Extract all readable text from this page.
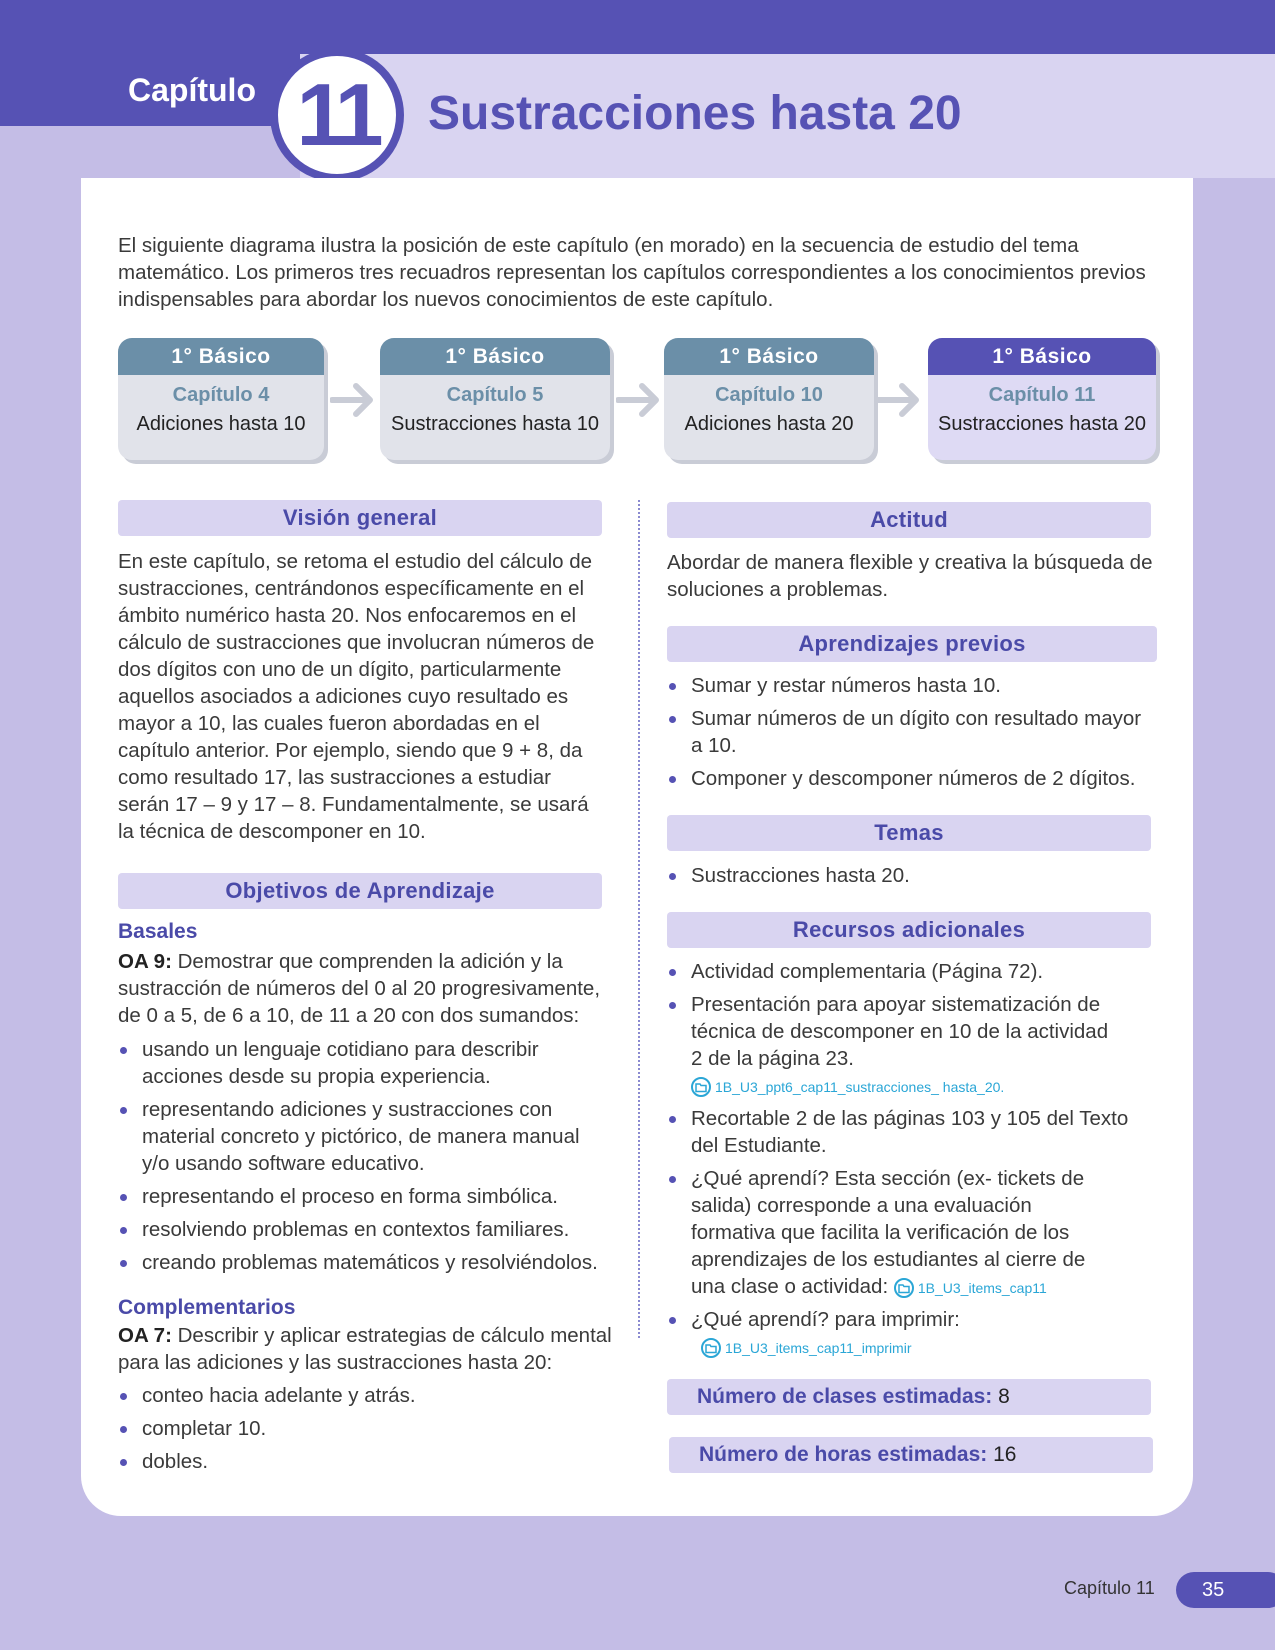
Capítulo 11	Sustracciones hasta 20

El siguiente diagrama ilustra la posición de este capítulo (en morado) en la secuencia de estudio del tema matemático. Los primeros tres recuadros representan los capítulos correspondientes a los conocimientos previos indispensables para abordar los nuevos conocimientos de este capítulo.

1° Básico
Capítulo 4
Adiciones hasta 10
1° Básico
Capítulo 5
Sustracciones hasta 10
1° Básico
Capítulo 10
Adiciones hasta 20
1° Básico
Capítulo 11
Sustracciones hasta 20
Visión general

En este capítulo, se retoma el estudio del cálculo de sustracciones, centrándonos específicamente en el ámbito numérico hasta 20. Nos enfocaremos en el cálculo de sustracciones que involucran números de dos dígitos con uno de un dígito, particularmente aquellos asociados a adiciones cuyo resultado es mayor a 10, las cuales fueron abordadas en el capítulo anterior. Por ejemplo, siendo que 9 + 8, da como resultado 17, las sustracciones a estudiar serán 17 – 9 y 17 – 8. Fundamentalmente, se usará la técnica de descomponer en 10.

Objetivos de Aprendizaje
Basales

OA 9: Demostrar que comprenden la adición y la sustracción de números del 0 al 20 progresivamente, de 0 a 5, de 6 a 10, de 11 a 20 con dos sumandos:

usando un lenguaje cotidiano para describir acciones desde su propia experiencia.
representando adiciones y sustracciones con material concreto y pictórico, de manera manual y/o usando software educativo.
representando el proceso en forma simbólica.
resolviendo problemas en contextos familiares.
creando problemas matemáticos y resolviéndolos.
Complementarios

OA 7: Describir y aplicar estrategias de cálculo mental para las adiciones y las sustracciones hasta 20:

conteo hacia adelante y atrás.
completar 10.
dobles.
Actitud

Abordar de manera flexible y creativa la búsqueda de soluciones a problemas.

Aprendizajes previos
Sumar y restar números hasta 10.
Sumar números de un dígito con resultado mayor a 10.
Componer y descomponer números de 2 dígitos.
Temas
Sustracciones hasta 20.
Recursos adicionales
Actividad complementaria (Página 72).
Presentación para apoyar sistematización de técnica de descomponer en 10 de la actividad 2 de la página 23.
1B_U3_ppt6_cap11_sustracciones_ hasta_20.
Recortable 2 de las páginas 103 y 105 del Texto del Estudiante.
¿Qué aprendí? Esta sección (ex- tickets de salida) corresponde a una evaluación formativa que facilita la verificación de los aprendizajes de los estudiantes al cierre de una clase o actividad: 1B_U3_items_cap11
¿Qué aprendí? para imprimir:

1B_U3_items_cap11_imprimir
Número de clases estimadas: 8
Número de horas estimadas: 16
Capítulo 11	35
